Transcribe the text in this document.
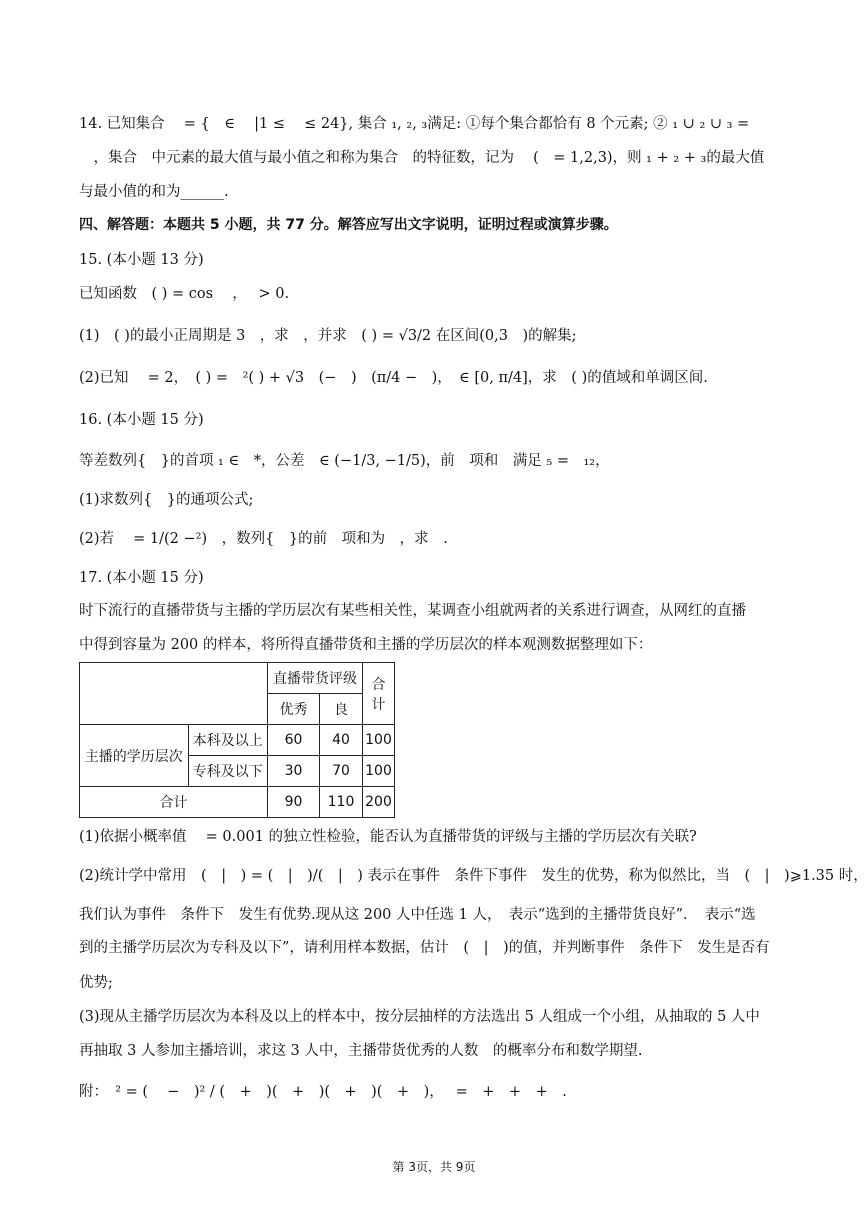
14. 已知集合　 = {　∈　 |1 ≤　 ≤ 24}, 集合 ₁, ₂, ₃满足: ①每个集合都恰有 8 个元素; ② ₁ ∪ ₂ ∪ ₃ =
　，集合　中元素的最大值与最小值之和称为集合　的特征数，记为　 (　= 1,2,3)，则 ₁ + ₂ + ₃的最大值
与最小值的和为______.
四、解答题：本题共 5 小题，共 77 分。解答应写出文字说明，证明过程或演算步骤。
15. (本小题 13 分)
已知函数　( ) = cos　 ，　 > 0.
(1)　( )的最小正周期是 3　，求　，并求　( ) = √3/2 在区间(0,3　)的解集;
(2)已知　 = 2，　( ) =　²( ) + √3　(−　)　(π/4 −　)，　∈ [0, π/4]，求　( )的值域和单调区间.
16. (本小题 15 分)
等差数列{　}的首项 ₁ ∈　*，公差　∈ (−1/3, −1/5)，前　项和　满足 ₅ =　₁₂，
(1)求数列{　}的通项公式;
(2)若　 = 1/(2 −²)　，数列{　}的前　项和为　，求　.
17. (本小题 15 分)
时下流行的直播带货与主播的学历层次有某些相关性，某调查小组就两者的关系进行调查，从网红的直播
中得到容量为 200 的样本，将所得直播带货和主播的学历层次的样本观测数据整理如下：
		直播带货评级		合计
		优秀	良	
主播的学历层次	本科及以上	60	40	100
	专科及以下	30	70	100
合计		90	110	200
(1)依据小概率值　 = 0.001 的独立性检验，能否认为直播带货的评级与主播的学历层次有关联?
(2)统计学中常用　(　|　) = (　|　)/(　|　) 表示在事件　条件下事件　发生的优势，称为似然比，当　(　|　)⩾1.35 时，
我们认为事件　条件下　发生有优势.现从这 200 人中任选 1 人，　表示“选到的主播带货良好”．　表示“选
到的主播学历层次为专科及以下”，请利用样本数据，估计　(　|　)的值，并判断事件　条件下　发生是否有
优势;
(3)现从主播学历层次为本科及以上的样本中，按分层抽样的方法选出 5 人组成一个小组，从抽取的 5 人中
再抽取 3 人参加主播培训，求这 3 人中，主播带货优秀的人数　的概率分布和数学期望.
附：　² = (　 −　)² / (　+　)(　+　)(　+　)(　+　)，　 =　+　+　+　.
第 3页，共 9页
